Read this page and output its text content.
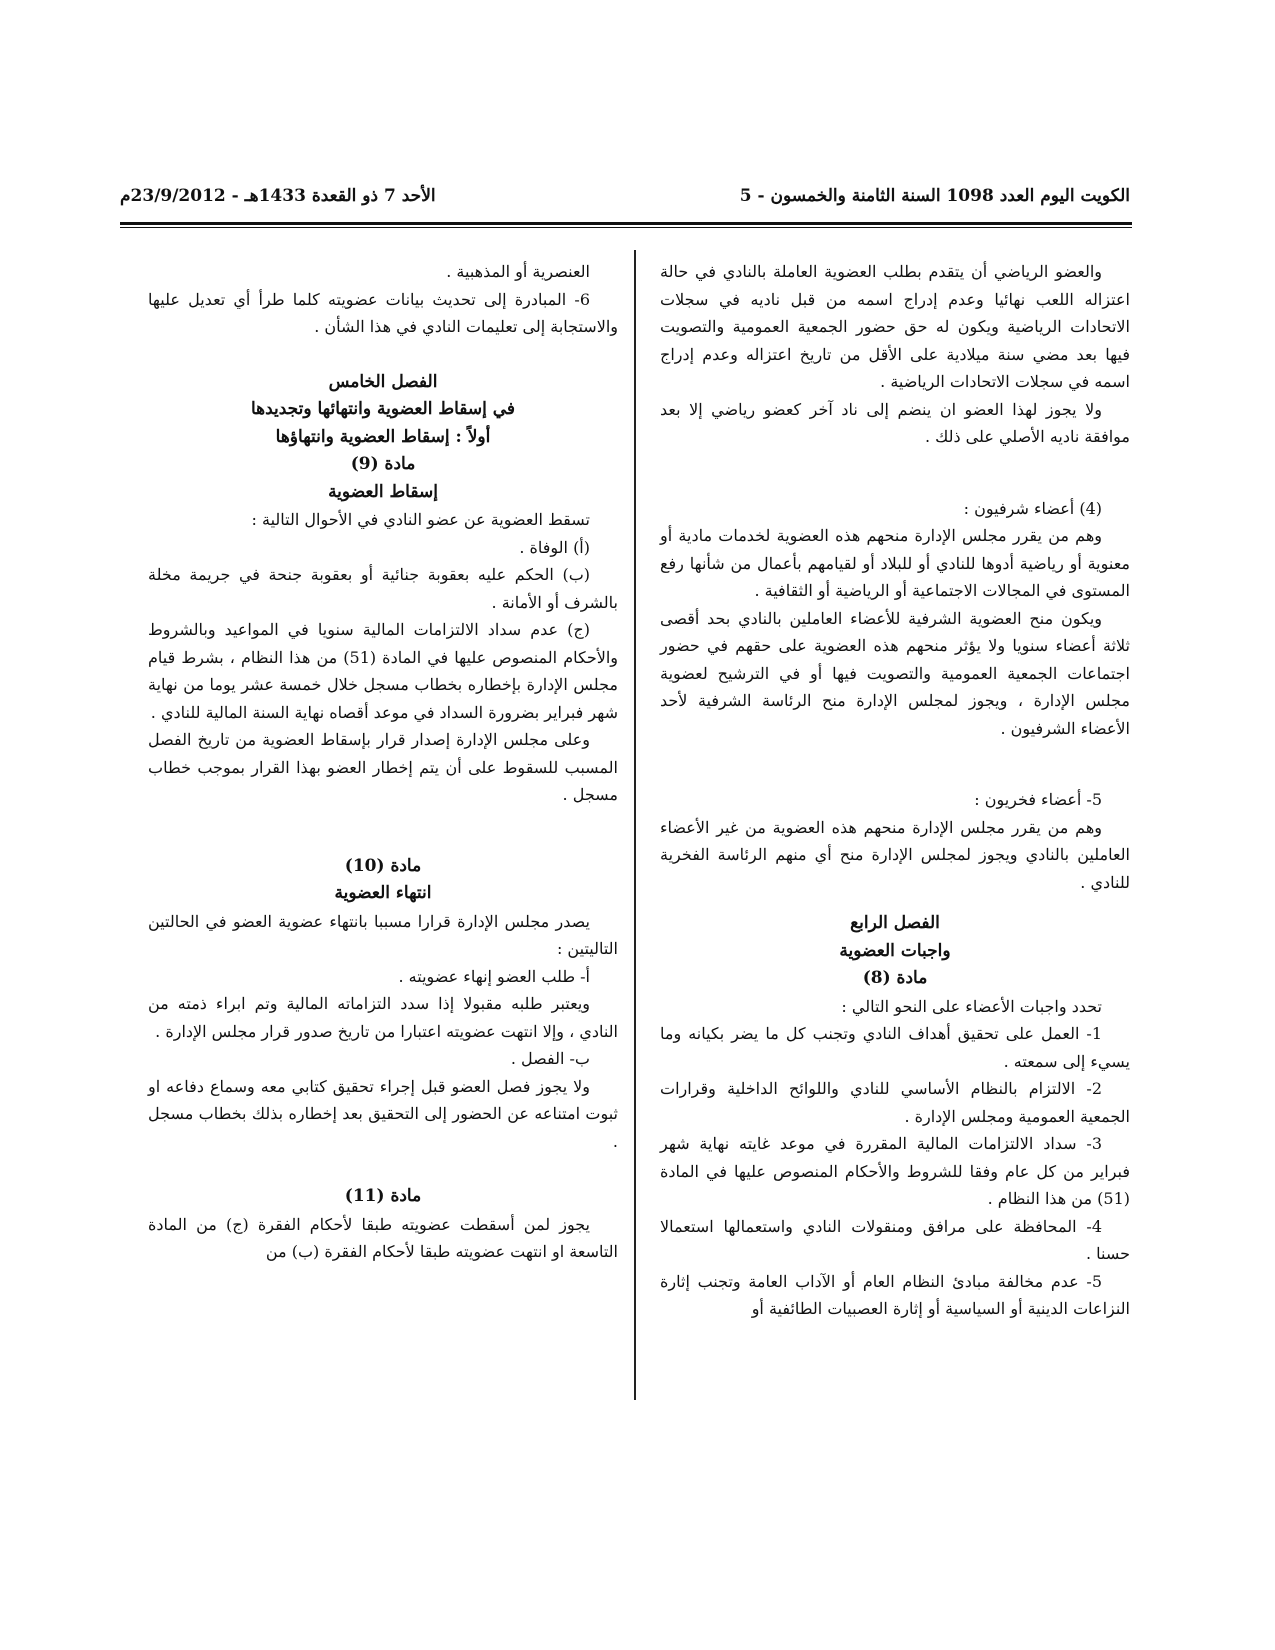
الكويت اليوم العدد 1098 السنة الثامنة والخمسون - 5
الأحد 7 ذو القعدة 1433هـ - 23/9/2012م

والعضو الرياضي أن يتقدم بطلب العضوية العاملة بالنادي في حالة اعتزاله اللعب نهائيا وعدم إدراج اسمه من قبل ناديه في سجلات الاتحادات الرياضية ويكون له حق حضور الجمعية العمومية والتصويت فيها بعد مضي سنة ميلادية على الأقل من تاريخ اعتزاله وعدم إدراج اسمه في سجلات الاتحادات الرياضية .

ولا يجوز لهذا العضو ان ينضم إلى ناد آخر كعضو رياضي إلا بعد موافقة ناديه الأصلي على ذلك .

(4) أعضاء شرفيون :

وهم من يقرر مجلس الإدارة منحهم هذه العضوية لخدمات مادية أو معنوية أو رياضية أدوها للنادي أو للبلاد أو لقيامهم بأعمال من شأنها رفع المستوى في المجالات الاجتماعية أو الرياضية أو الثقافية .

ويكون منح العضوية الشرفية للأعضاء العاملين بالنادي بحد أقصى ثلاثة أعضاء سنويا ولا يؤثر منحهم هذه العضوية على حقهم في حضور اجتماعات الجمعية العمومية والتصويت فيها أو في الترشيح لعضوية مجلس الإدارة ، ويجوز لمجلس الإدارة منح الرئاسة الشرفية لأحد الأعضاء الشرفيون .

5- أعضاء فخريون :

وهم من يقرر مجلس الإدارة منحهم هذه العضوية من غير الأعضاء العاملين بالنادي ويجوز لمجلس الإدارة منح أي منهم الرئاسة الفخرية للنادي .

الفصل الرابع

واجبات العضوية

مادة (8)

تحدد واجبات الأعضاء على النحو التالي :

1- العمل على تحقيق أهداف النادي وتجنب كل ما يضر بكيانه وما يسيء إلى سمعته .

2- الالتزام بالنظام الأساسي للنادي واللوائح الداخلية وقرارات الجمعية العمومية ومجلس الإدارة .

3- سداد الالتزامات المالية المقررة في موعد غايته نهاية شهر فبراير من كل عام وفقا للشروط والأحكام المنصوص عليها في المادة (51) من هذا النظام .

4- المحافظة على مرافق ومنقولات النادي واستعمالها استعمالا حسنا .

5- عدم مخالفة مبادئ النظام العام أو الآداب العامة وتجنب إثارة النزاعات الدينية أو السياسية أو إثارة العصبيات الطائفية أو

العنصرية أو المذهبية .

6- المبادرة إلى تحديث بيانات عضويته كلما طرأ أي تعديل عليها والاستجابة إلى تعليمات النادي في هذا الشأن .

الفصل الخامس

في إسقاط العضوية وانتهائها وتجديدها

أولاً : إسقاط العضوية وانتهاؤها

مادة (9)

إسقاط العضوية

تسقط العضوية عن عضو النادي في الأحوال التالية :

(أ) الوفاة .

(ب) الحكم عليه بعقوبة جنائية أو بعقوبة جنحة في جريمة مخلة بالشرف أو الأمانة .

(ج) عدم سداد الالتزامات المالية سنويا في المواعيد وبالشروط والأحكام المنصوص عليها في المادة (51) من هذا النظام ، بشرط قيام مجلس الإدارة بإخطاره بخطاب مسجل خلال خمسة عشر يوما من نهاية شهر فبراير بضرورة السداد في موعد أقصاه نهاية السنة المالية للنادي .

وعلى مجلس الإدارة إصدار قرار بإسقاط العضوية من تاريخ الفصل المسبب للسقوط على أن يتم إخطار العضو بهذا القرار بموجب خطاب مسجل .

مادة (10)

انتهاء العضوية

يصدر مجلس الإدارة قرارا مسببا بانتهاء عضوية العضو في الحالتين التاليتين :

أ- طلب العضو إنهاء عضويته .

ويعتبر طلبه مقبولا إذا سدد التزاماته المالية وتم ابراء ذمته من النادي ، وإلا انتهت عضويته اعتبارا من تاريخ صدور قرار مجلس الإدارة .

ب- الفصل .

ولا يجوز فصل العضو قبل إجراء تحقيق كتابي معه وسماع دفاعه او ثبوت امتناعه عن الحضور إلى التحقيق بعد إخطاره بذلك بخطاب مسجل .

مادة (11)

يجوز لمن أسقطت عضويته طبقا لأحكام الفقرة (ج) من المادة التاسعة او انتهت عضويته طبقا لأحكام الفقرة (ب) من
